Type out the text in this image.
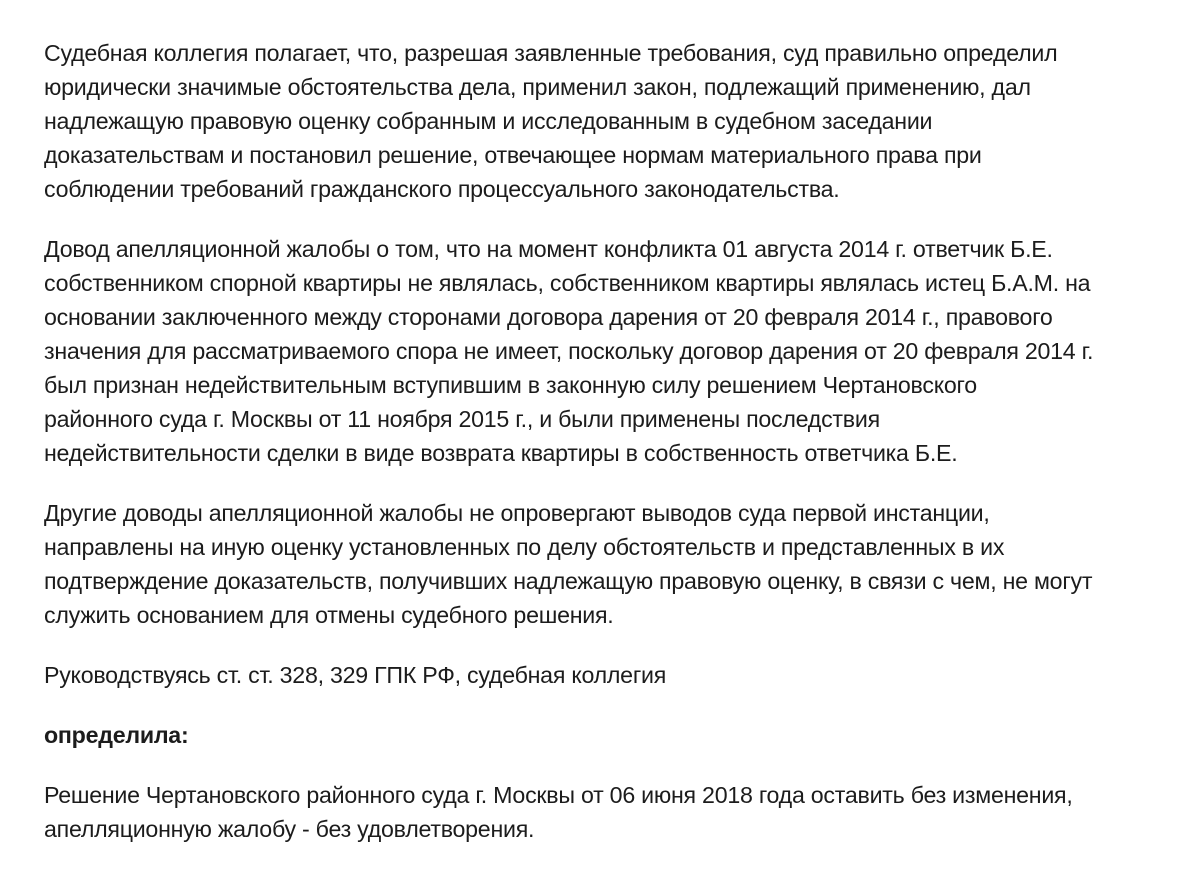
Судебная коллегия полагает, что, разрешая заявленные требования, суд правильно определил
юридически значимые обстоятельства дела, применил закон, подлежащий применению, дал
надлежащую правовую оценку собранным и исследованным в судебном заседании
доказательствам и постановил решение, отвечающее нормам материального права при
соблюдении требований гражданского процессуального законодательства.

Довод апелляционной жалобы о том, что на момент конфликта 01 августа 2014 г. ответчик Б.Е.
собственником спорной квартиры не являлась, собственником квартиры являлась истец Б.А.М. на
основании заключенного между сторонами договора дарения от 20 февраля 2014 г., правового
значения для рассматриваемого спора не имеет, поскольку договор дарения от 20 февраля 2014 г.
был признан недействительным вступившим в законную силу решением Чертановского
районного суда г. Москвы от 11 ноября 2015 г., и были применены последствия
недействительности сделки в виде возврата квартиры в собственность ответчика Б.Е.

Другие доводы апелляционной жалобы не опровергают выводов суда первой инстанции,
направлены на иную оценку установленных по делу обстоятельств и представленных в их
подтверждение доказательств, получивших надлежащую правовую оценку, в связи с чем, не могут
служить основанием для отмены судебного решения.

Руководствуясь ст. ст. 328, 329 ГПК РФ, судебная коллегия

определила:

Решение Чертановского районного суда г. Москвы от 06 июня 2018 года оставить без изменения,
апелляционную жалобу - без удовлетворения.
